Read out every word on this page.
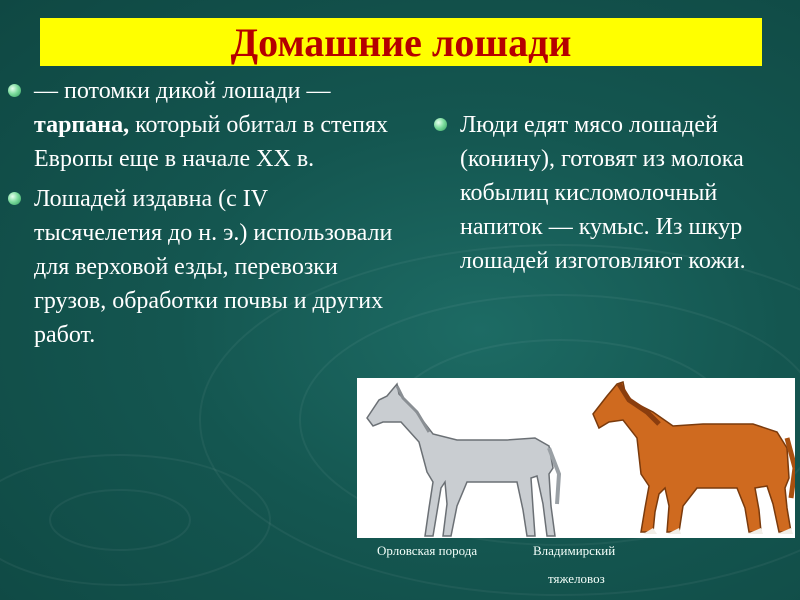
Домашние лошади
— потомки дикой лошади — тарпана, который обитал в степях Европы еще в начале XX в.
Лошадей издавна (с IV тысячелетия до н. э.) использовали для верховой езды, перевозки грузов, обработки почвы и других работ.
Люди едят мясо лошадей (конину), готовят из молока кобылиц кисломолочный напиток — кумыс. Из шкур лошадей изготовляют кожи.
Орловская порода	Владимирский
тяжеловоз
